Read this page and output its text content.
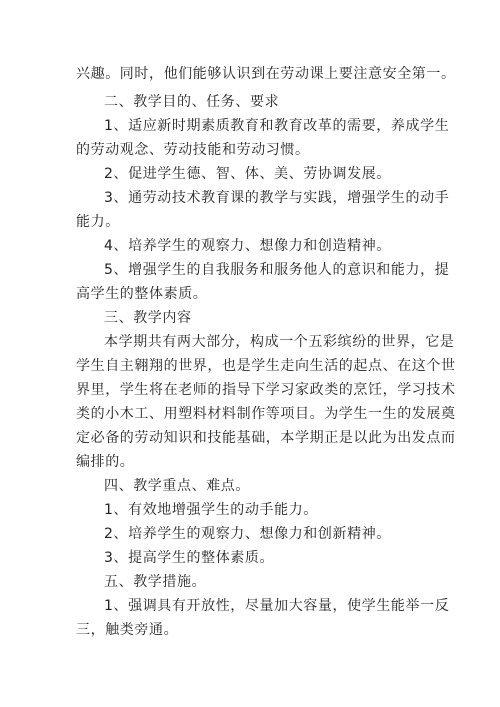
兴趣。同时，他们能够认识到在劳动课上要注意安全第一。
二、教学目的、任务、要求
1、适应新时期素质教育和教育改革的需要，养成学生
的劳动观念、劳动技能和劳动习惯。
2、促进学生德、智、体、美、劳协调发展。
3、通劳动技术教育课的教学与实践，增强学生的动手
能力。
4、培养学生的观察力、想像力和创造精神。
5、增强学生的自我服务和服务他人的意识和能力，提
高学生的整体素质。
三、教学内容
本学期共有两大部分，构成一个五彩缤纷的世界，它是
学生自主翱翔的世界，也是学生走向生活的起点、在这个世
界里，学生将在老师的指导下学习家政类的烹饪，学习技术
类的小木工、用塑料材料制作等项目。为学生一生的发展奠
定必备的劳动知识和技能基础，本学期正是以此为出发点而
编排的。
四、教学重点、难点。
1、有效地增强学生的动手能力。
2、培养学生的观察力、想像力和创新精神。
3、提高学生的整体素质。
五、教学措施。
1、强调具有开放性，尽量加大容量，使学生能举一反
三，触类旁通。
